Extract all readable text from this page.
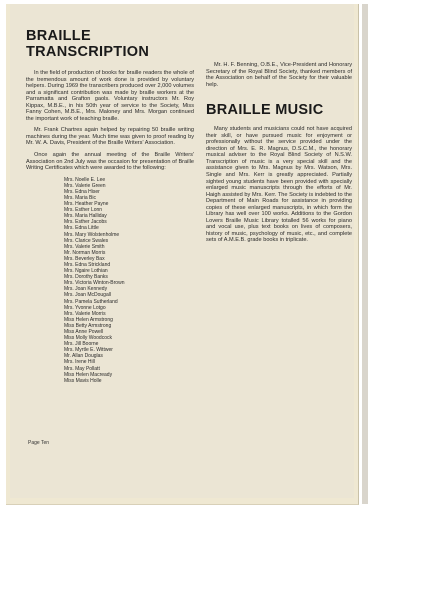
BRAILLE
TRANSCRIPTION

In the field of production of books for braille readers the whole of the tremendous amount of work done is provided by voluntary helpers. During 1969 the transcribers produced over 2,000 volumes and a significant contribution was made by braille workers at the Parramatta and Grafton gaols. Voluntary instructors Mr. Roy Kippax, M.B.E., in his 50th year of service to the Society, Miss Fanny Cohen, M.B.E., Mrs. Maloney and Mrs. Morgan continued the important work of teaching braille.

Mr. Frank Chartres again helped by repairing 50 braille writing machines during the year. Much time was given to proof reading by Mr. W. A. Davis, President of the Braille Writers' Association.

Once again the annual meeting of the Braille Writers' Association on 2nd July was the occasion for presentation of Braille Writing Certificates which were awarded to the following:

Mrs. Noelle E. Lee
Mrs. Valerie Green
Mrs. Edna Hiser
Mrs. Maria Bic
Mrs. Heather Payne
Mrs. Esther Lonn
Mrs. Maria Halliday
Mrs. Esther Jacobs
Mrs. Edna Little
Mrs. Mary Wolstenholme
Mrs. Clarice Swales
Mrs. Valerie Smith
Mr. Norman Morris
Mrs. Beverley Bax
Mrs. Edna Strickland
Mrs. Ngaire Lothian
Mrs. Dorothy Banks
Mrs. Victoria Winton-Brown
Mrs. Joan Kennedy
Mrs. Joan McDougall
Mrs. Pamela Sutherland
Mrs. Yvonne Lotgo
Mrs. Valerie Morris
Miss Helen Armstrong
Miss Betty Armstrong
Miss Anne Powell
Miss Molly Woodcock
Mrs. Jill Boorne
Mrs. Myrtle E. Wittwer
Mr. Allan Douglas
Mrs. Irene Hill
Mrs. May Pollatt
Miss Helen Macready
Miss Mavis Holle

Mr. H. F. Benning, O.B.E., Vice-President and Honorary Secretary of the Royal Blind Society, thanked members of the Association on behalf of the Society for their valuable help.

BRAILLE MUSIC

Many students and musicians could not have acquired their skill, or have pursued music for enjoyment or professionally without the service provided under the direction of Mrs. E. R. Magnus, D.S.C.M., the honorary musical adviser to the Royal Blind Society of N.S.W. Transcription of music is a very special skill and the assistance given to Mrs. Magnus by Mrs. Watson, Mrs. Single and Mrs. Kerr is greatly appreciated. Partially sighted young students have been provided with specially enlarged music manuscripts through the efforts of Mr. Haigh assisted by Mrs. Kerr. The Society is indebted to the Department of Main Roads for assistance in providing copies of these enlarged manuscripts, in which form the Library has well over 100 works. Additions to the Gordon Lovers Braille Music Library totalled 56 works for piano and vocal use, plus text books on lives of composers, history of music, psychology of music, etc., and complete sets of A.M.E.B. grade books in triplicate.

Page Ten
